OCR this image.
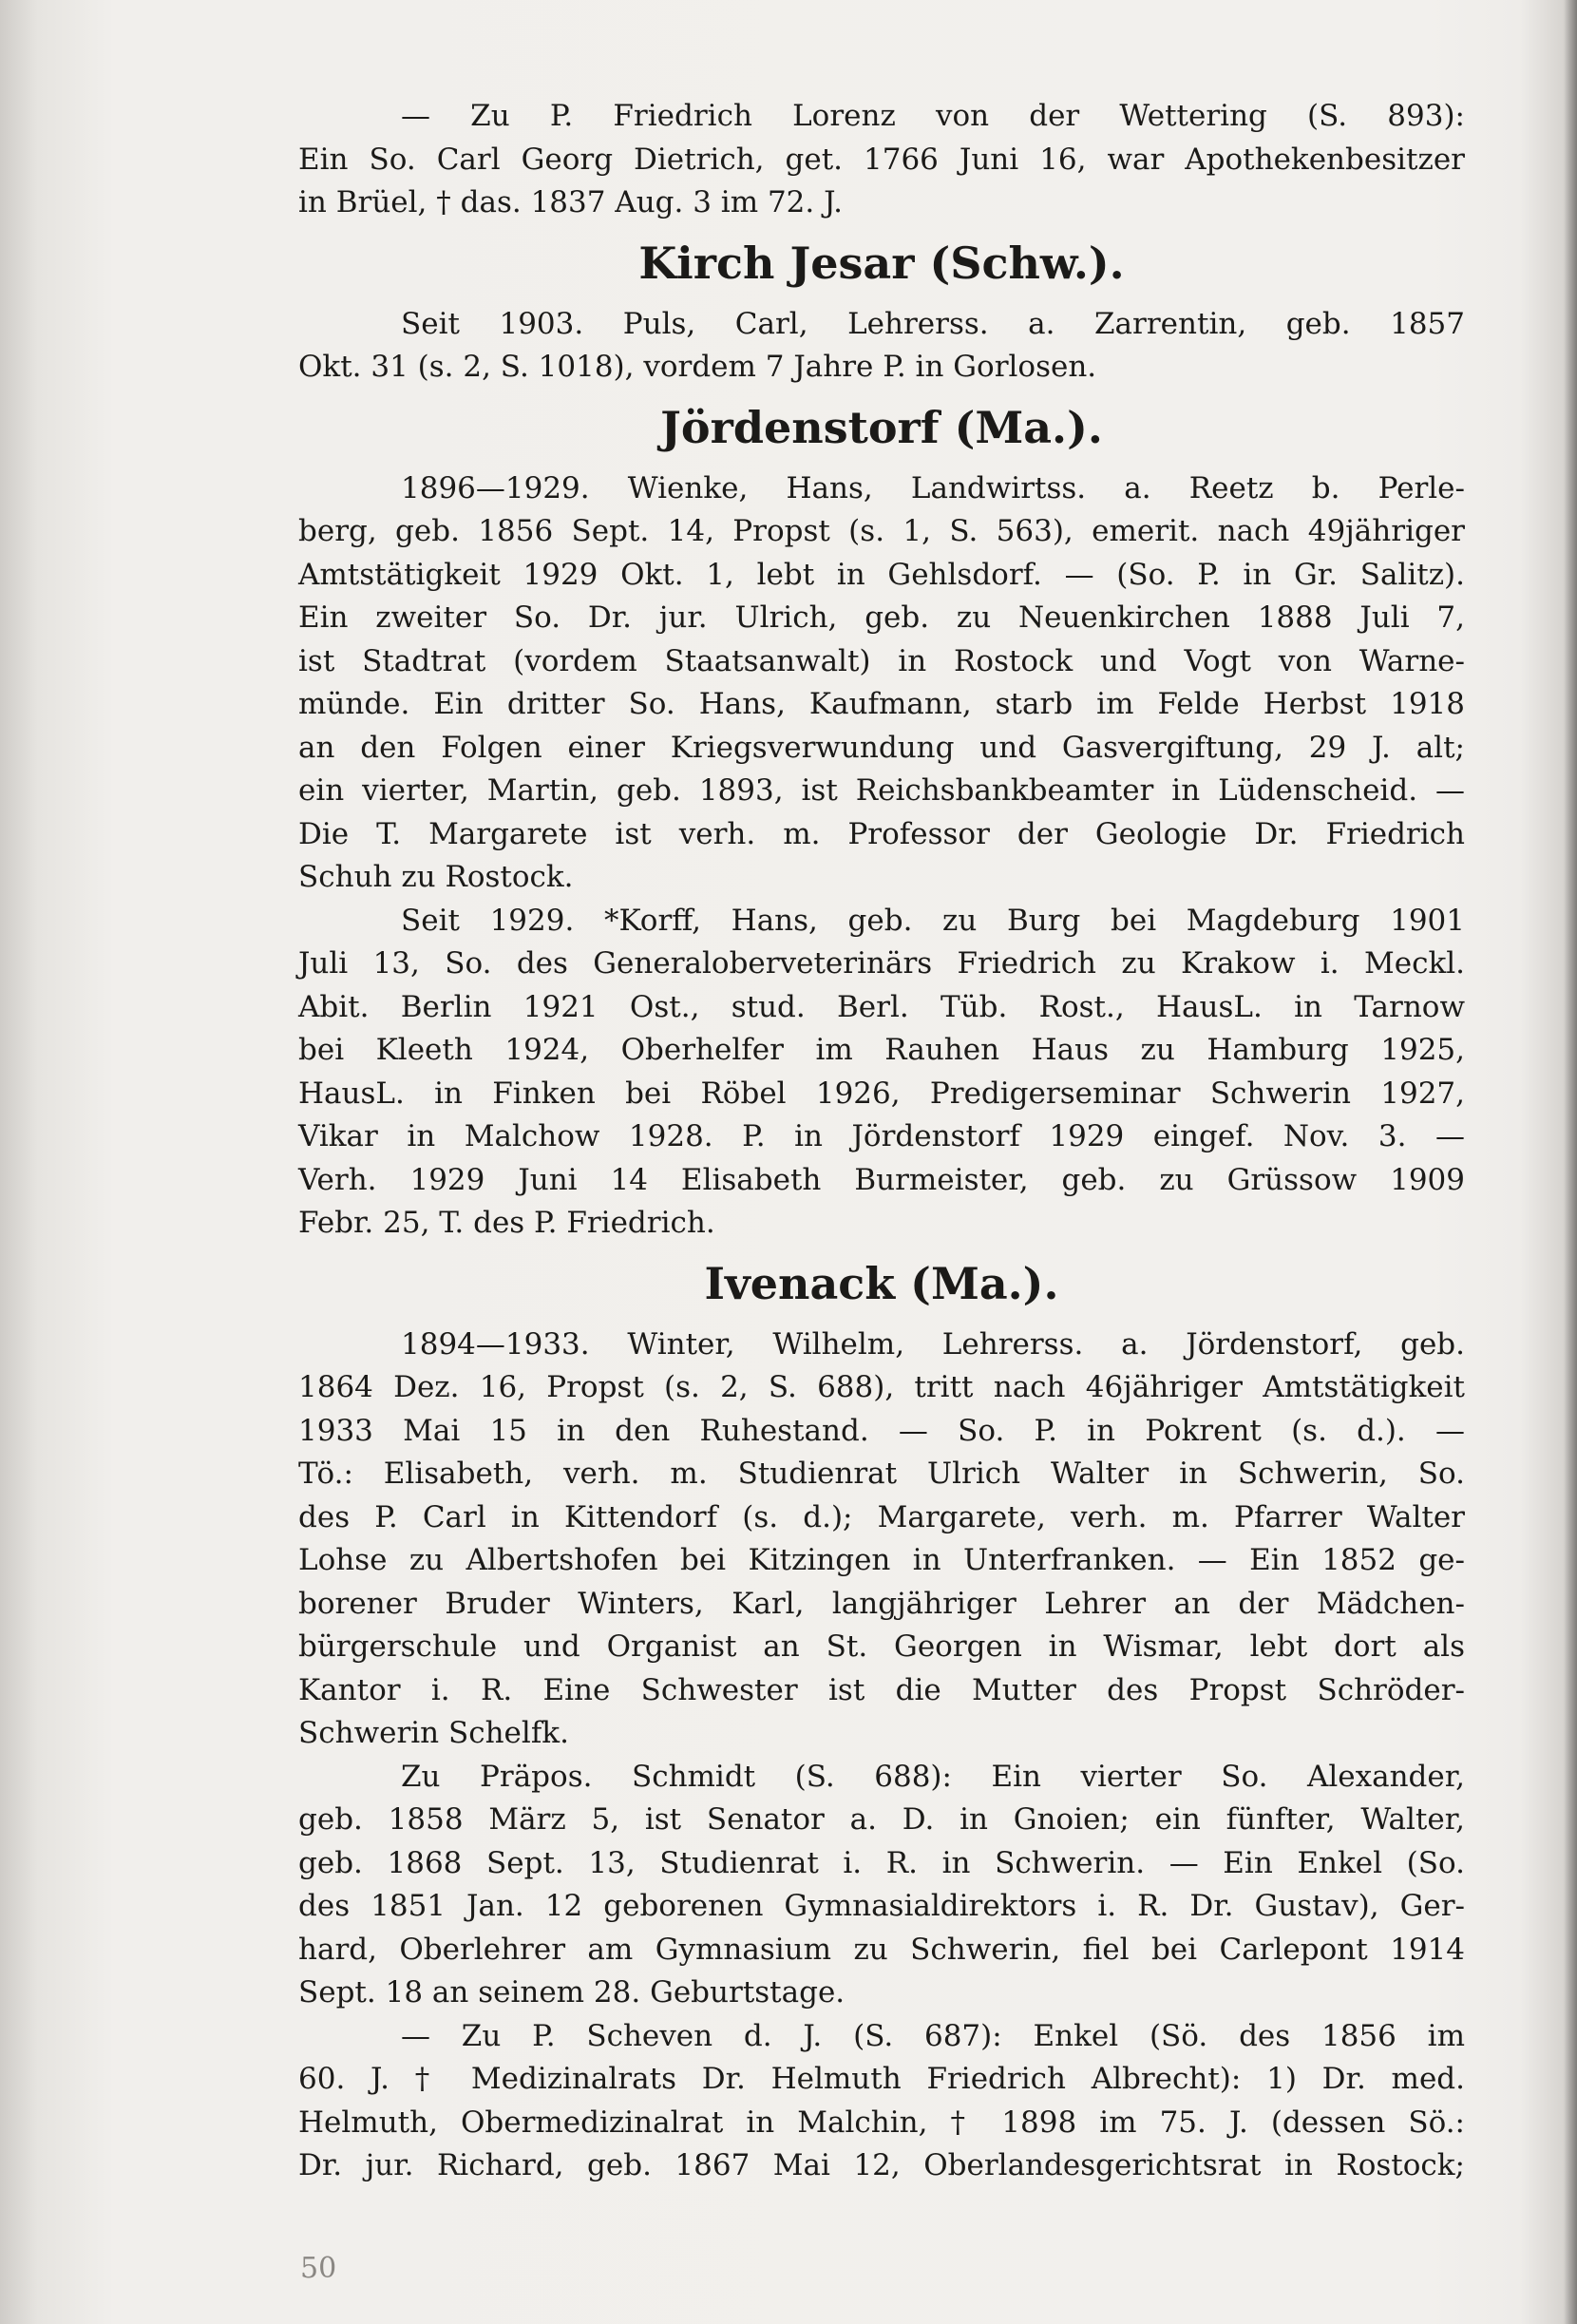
— Zu P. Friedrich Lorenz von der Wettering (S. 893):
Ein So. Carl Georg Dietrich, get. 1766 Juni 16, war Apothekenbesitzer
in Brüel, † das. 1837 Aug. 3 im 72. J.
Kirch Jesar (Schw.).
Seit 1903. Puls, Carl, Lehrerss. a. Zarrentin, geb. 1857
Okt. 31 (s. 2, S. 1018), vordem 7 Jahre P. in Gorlosen.
Jördenstorf (Ma.).
1896—1929. Wienke, Hans, Landwirtss. a. Reetz b. Perle-
berg, geb. 1856 Sept. 14, Propst (s. 1, S. 563), emerit. nach 49jähriger
Amtstätigkeit 1929 Okt. 1, lebt in Gehlsdorf. — (So. P. in Gr. Salitz).
Ein zweiter So. Dr. jur. Ulrich, geb. zu Neuenkirchen 1888 Juli 7,
ist Stadtrat (vordem Staatsanwalt) in Rostock und Vogt von Warne-
münde. Ein dritter So. Hans, Kaufmann, starb im Felde Herbst 1918
an den Folgen einer Kriegsverwundung und Gasvergiftung, 29 J. alt;
ein vierter, Martin, geb. 1893, ist Reichsbankbeamter in Lüdenscheid. —
Die T. Margarete ist verh. m. Professor der Geologie Dr. Friedrich
Schuh zu Rostock.
Seit 1929. *Korff, Hans, geb. zu Burg bei Magdeburg 1901
Juli 13, So. des Generaloberveterinärs Friedrich zu Krakow i. Meckl.
Abit. Berlin 1921 Ost., stud. Berl. Tüb. Rost., HausL. in Tarnow
bei Kleeth 1924, Oberhelfer im Rauhen Haus zu Hamburg 1925,
HausL. in Finken bei Röbel 1926, Predigerseminar Schwerin 1927,
Vikar in Malchow 1928. P. in Jördenstorf 1929 eingef. Nov. 3. —
Verh. 1929 Juni 14 Elisabeth Burmeister, geb. zu Grüssow 1909
Febr. 25, T. des P. Friedrich.
Ivenack (Ma.).
1894—1933. Winter, Wilhelm, Lehrerss. a. Jördenstorf, geb.
1864 Dez. 16, Propst (s. 2, S. 688), tritt nach 46jähriger Amtstätigkeit
1933 Mai 15 in den Ruhestand. — So. P. in Pokrent (s. d.). —
Tö.: Elisabeth, verh. m. Studienrat Ulrich Walter in Schwerin, So.
des P. Carl in Kittendorf (s. d.); Margarete, verh. m. Pfarrer Walter
Lohse zu Albertshofen bei Kitzingen in Unterfranken. — Ein 1852 ge-
borener Bruder Winters, Karl, langjähriger Lehrer an der Mädchen-
bürgerschule und Organist an St. Georgen in Wismar, lebt dort als
Kantor i. R. Eine Schwester ist die Mutter des Propst Schröder-
Schwerin Schelfk.
Zu Präpos. Schmidt (S. 688): Ein vierter So. Alexander,
geb. 1858 März 5, ist Senator a. D. in Gnoien; ein fünfter, Walter,
geb. 1868 Sept. 13, Studienrat i. R. in Schwerin. — Ein Enkel (So.
des 1851 Jan. 12 geborenen Gymnasialdirektors i. R. Dr. Gustav), Ger-
hard, Oberlehrer am Gymnasium zu Schwerin, fiel bei Carlepont 1914
Sept. 18 an seinem 28. Geburtstage.
— Zu P. Scheven d. J. (S. 687): Enkel (Sö. des 1856 im
60. J. † Medizinalrats Dr. Helmuth Friedrich Albrecht): 1) Dr. med.
Helmuth, Obermedizinalrat in Malchin, † 1898 im 75. J. (dessen Sö.:
Dr. jur. Richard, geb. 1867 Mai 12, Oberlandesgerichtsrat in Rostock;
50
